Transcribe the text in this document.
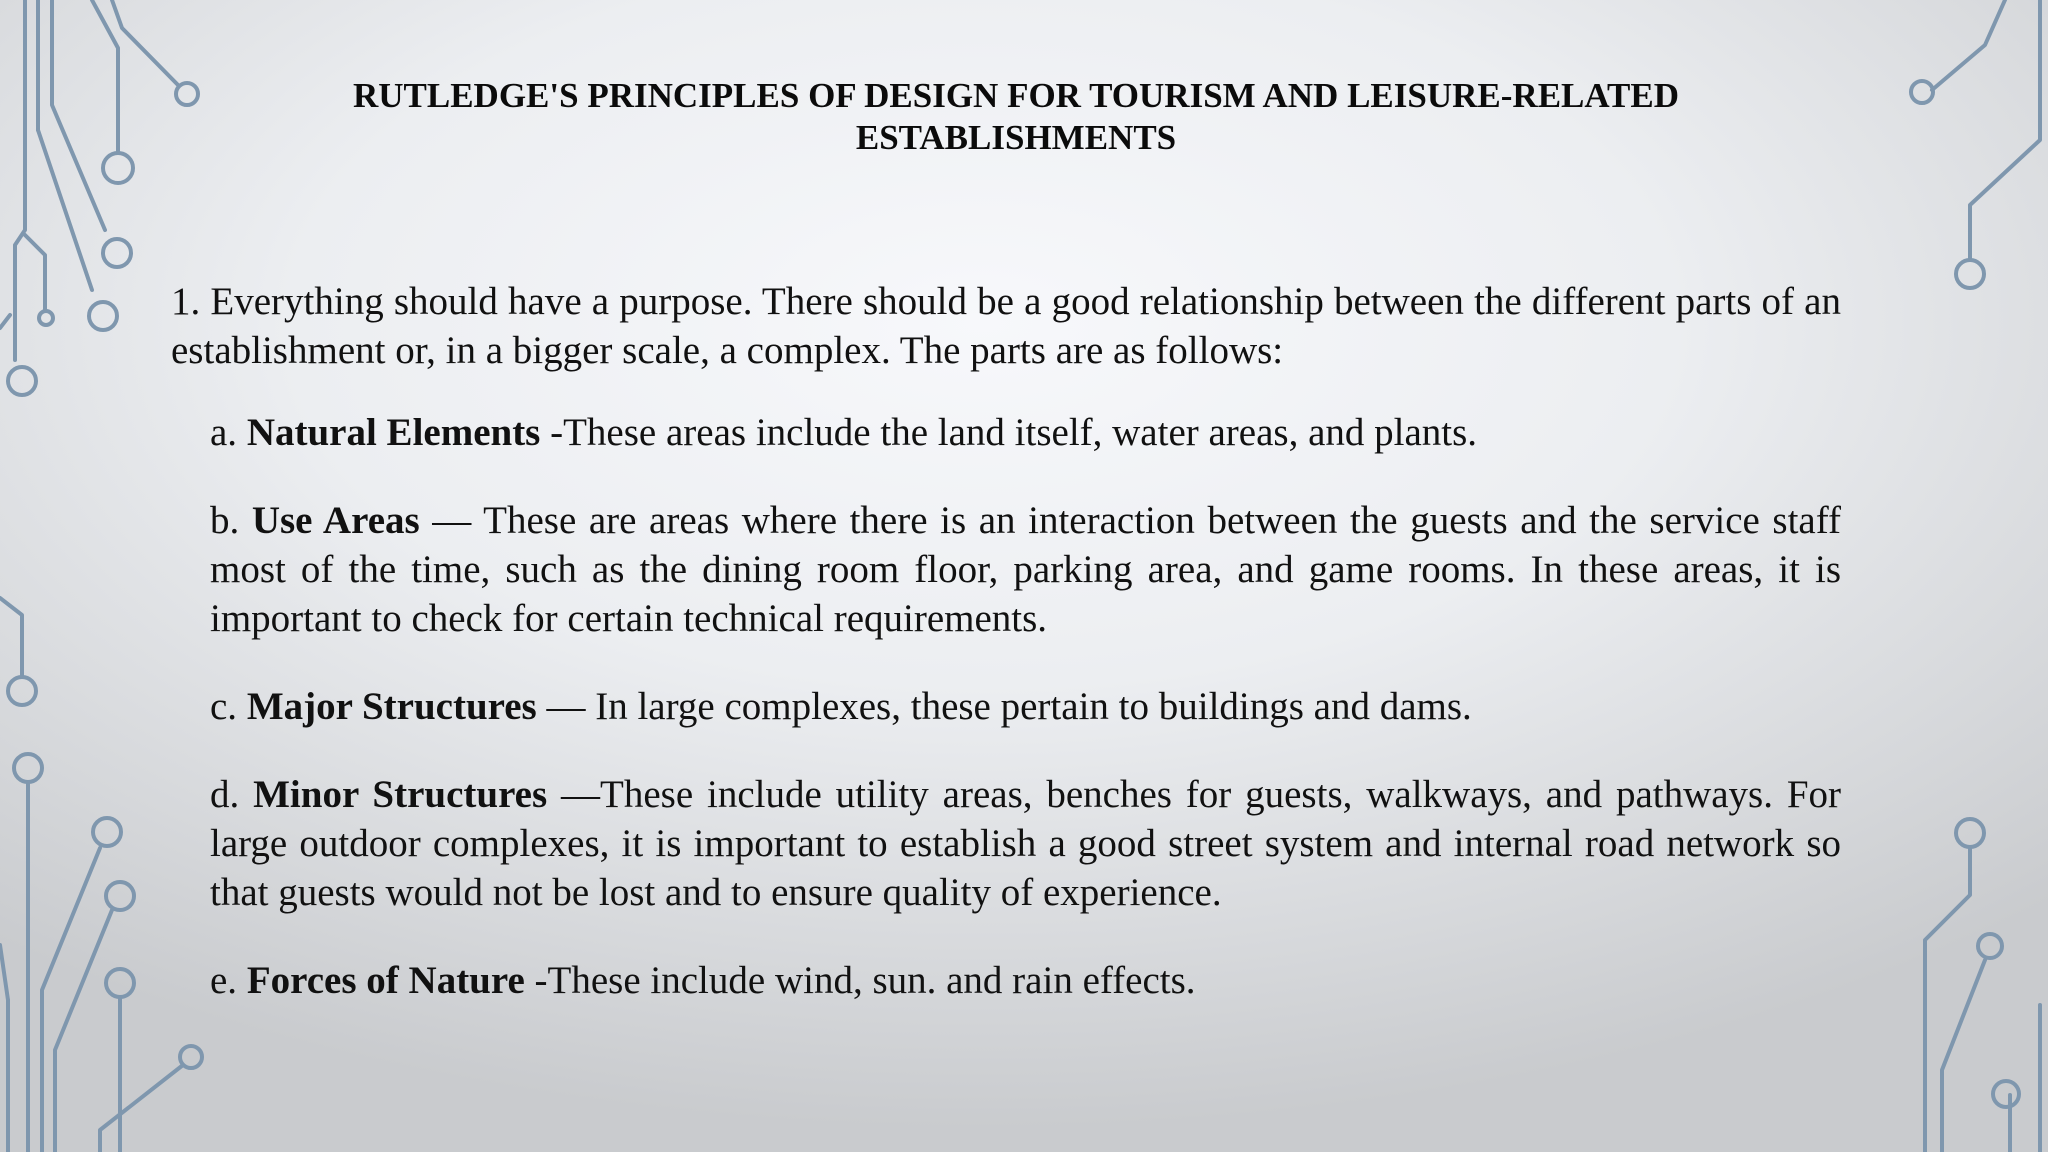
RUTLEDGE'S PRINCIPLES OF DESIGN FOR TOURISM AND LEISURE-RELATED ESTABLISHMENTS

1. Everything should have a purpose. There should be a good relationship between the different parts of an establishment or, in a bigger scale, a complex. The parts are as follows:

a. Natural Elements -These areas include the land itself, water areas, and plants.

b. Use Areas — These are areas where there is an interaction between the guests and the service staff most of the time, such as the dining room floor, parking area, and game rooms. In these areas, it is important to check for certain technical requirements.

c. Major Structures — In large complexes, these pertain to buildings and dams.

d. Minor Structures —These include utility areas, benches for guests, walkways, and pathways. For large outdoor complexes, it is important to establish a good street system and internal road network so that guests would not be lost and to ensure quality of experience.

e. Forces of Nature -These include wind, sun. and rain effects.
